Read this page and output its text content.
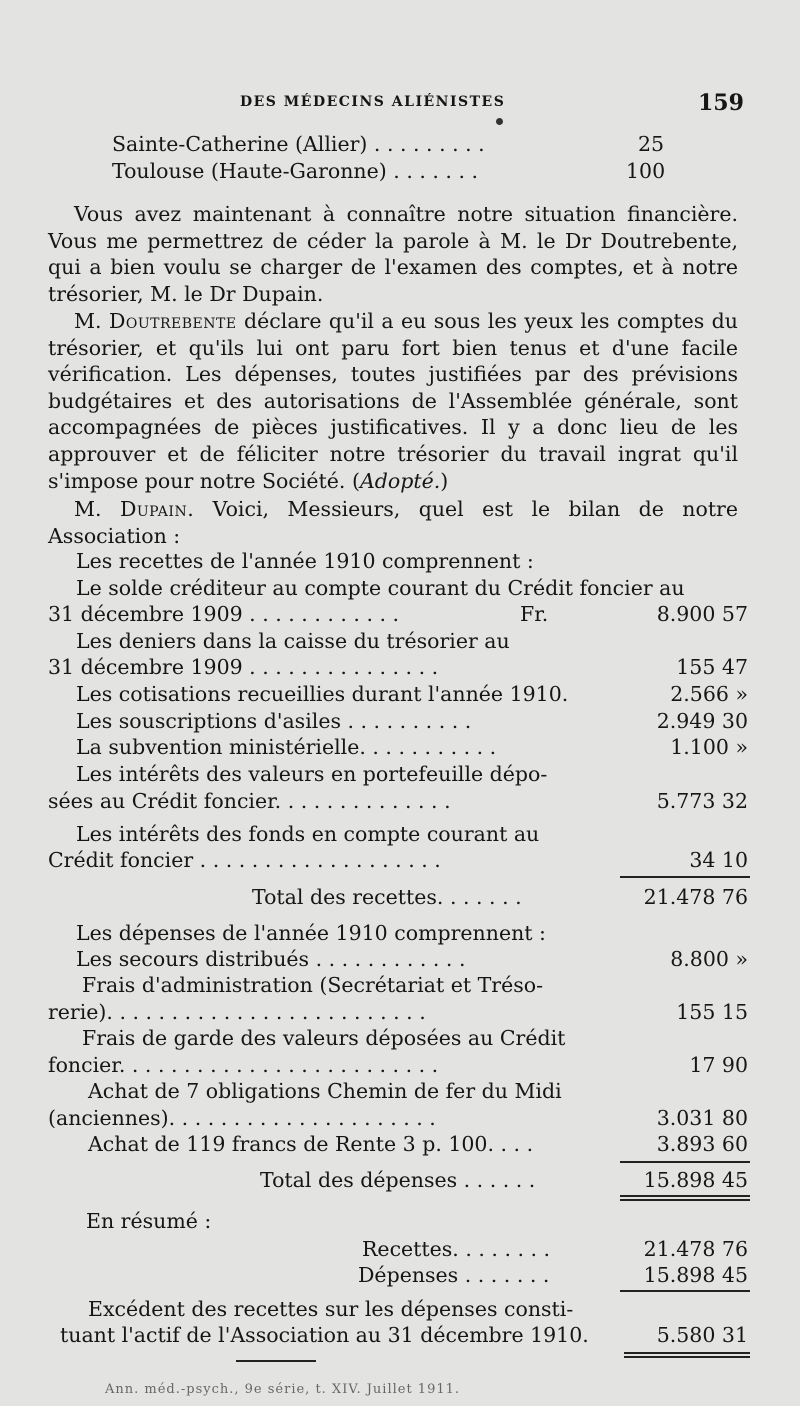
DES MÉDECINS ALIÉNISTES	159
Sainte-Catherine (Allier) . . . . . . . . .	25
Toulouse (Haute-Garonne) . . . . . . .	100

Vous avez maintenant à connaître notre situation financière. Vous me permettrez de céder la parole à M. le Dr Doutrebente, qui a bien voulu se charger de l'examen des comptes, et à notre trésorier, M. le Dr Dupain.

M. Doutrebente déclare qu'il a eu sous les yeux les comptes du trésorier, et qu'ils lui ont paru fort bien tenus et d'une facile vérification. Les dépenses, toutes justifiées par des prévisions budgétaires et des autorisations de l'Assemblée générale, sont accompagnées de pièces justificatives. Il y a donc lieu de les approuver et de féliciter notre trésorier du travail ingrat qu'il s'impose pour notre Société. (Adopté.)

M. Dupain. Voici, Messieurs, quel est le bilan de notre Association :

Les recettes de l'année 1910 comprennent :
Le solde créditeur au compte courant du Crédit foncier au
31 décembre 1909 . . . . . . . . . . . .	Fr.	8.900 57
Les deniers dans la caisse du trésorier au
31 décembre 1909 . . . . . . . . . . . . . . .	155 47
Les cotisations recueillies durant l'année 1910.	2.566 »
Les souscriptions d'asiles . . . . . . . . . .	2.949 30
La subvention ministérielle. . . . . . . . . . .	1.100 »
Les intérêts des valeurs en portefeuille dépo-
sées au Crédit foncier. . . . . . . . . . . . . .	5.773 32
Les intérêts des fonds en compte courant au
Crédit foncier . . . . . . . . . . . . . . . . . . .	34 10
Total des recettes. . . . . . .	21.478 76
Les dépenses de l'année 1910 comprennent :
Les secours distribués . . . . . . . . . . . .	8.800 »
Frais d'administration (Secrétariat et Tréso-
rerie). . . . . . . . . . . . . . . . . . . . . . . . .	155 15
Frais de garde des valeurs déposées au Crédit
foncier. . . . . . . . . . . . . . . . . . . . . . . . .	17 90
Achat de 7 obligations Chemin de fer du Midi
(anciennes). . . . . . . . . . . . . . . . . . . . .	3.031 80
Achat de 119 francs de Rente 3 p. 100. . . .	3.893 60
Total des dépenses . . . . . .	15.898 45
En résumé :
Recettes. . . . . . . .	21.478 76
Dépenses . . . . . . .	15.898 45
Excédent des recettes sur les dépenses consti-
tuant l'actif de l'Association au 31 décembre 1910.	5.580 31
Ann. méd.-psych., 9e série, t. XIV. Juillet 1911.
